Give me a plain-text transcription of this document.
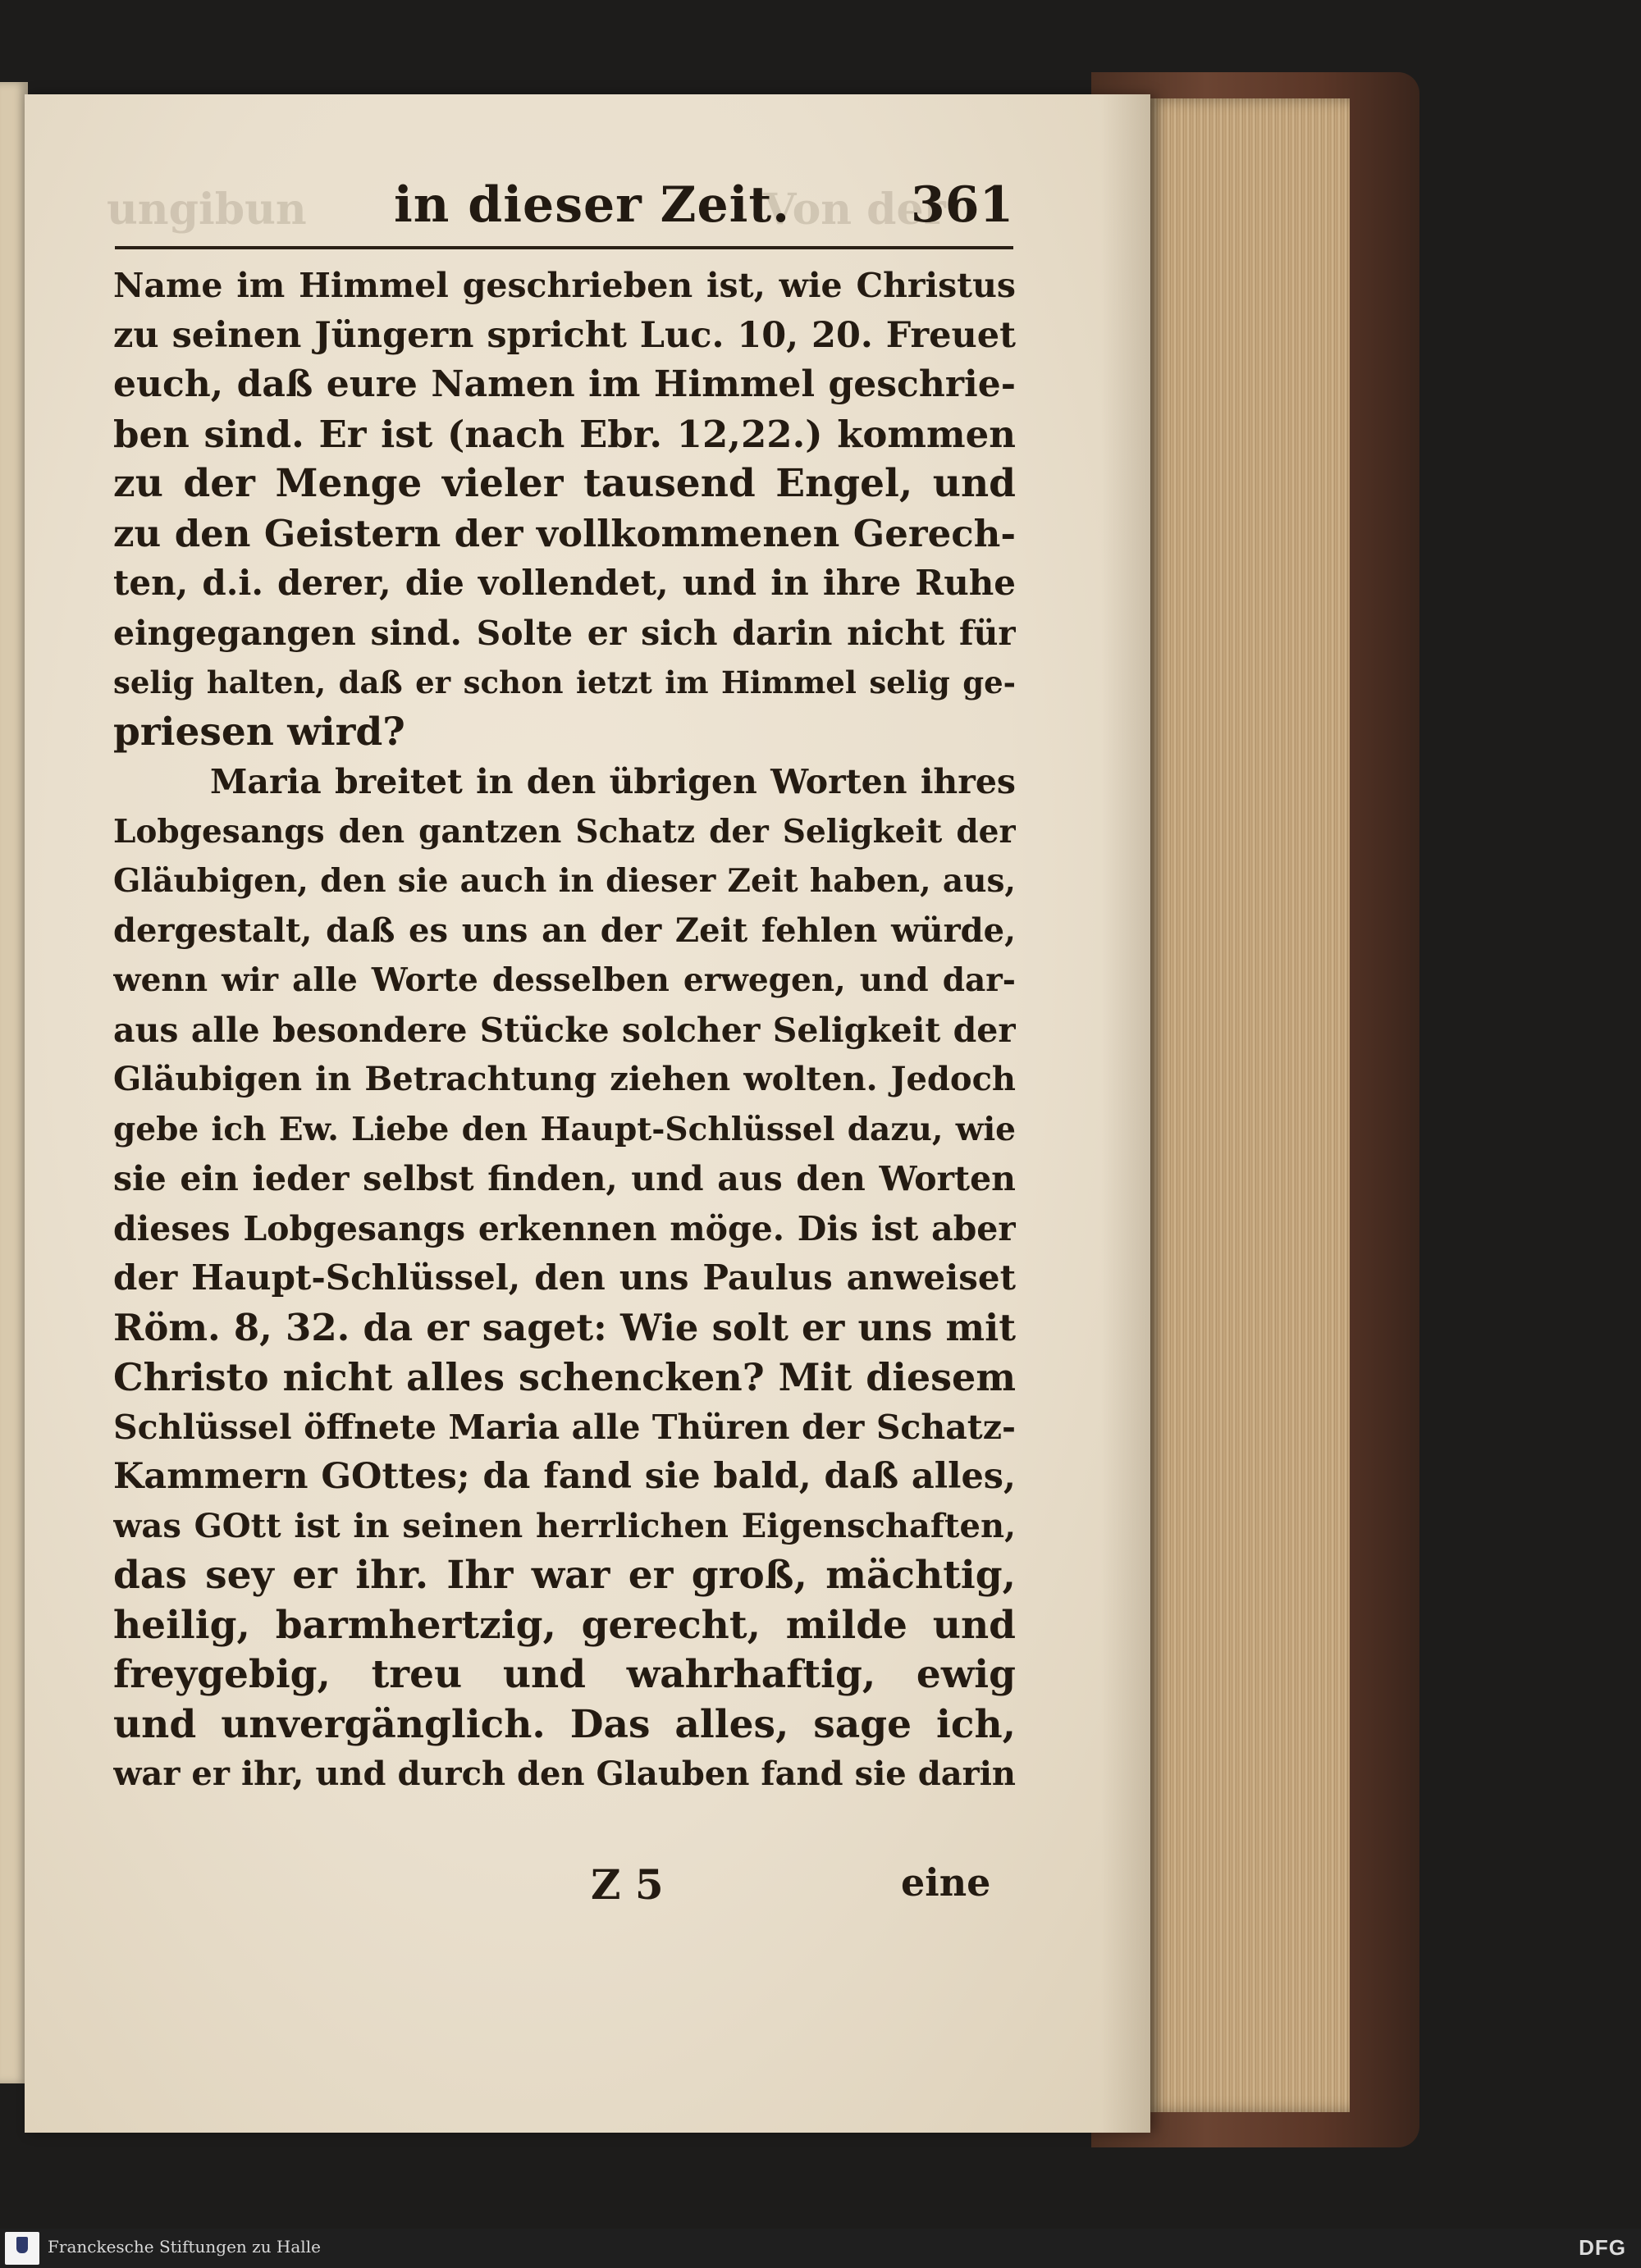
ungibun	Von der
in dieser Zeit. 361
Name im Himmel geschrieben ist, wie Christus
zu seinen Jüngern spricht Luc. 10, 20. Freuet
euch, daß eure Namen im Himmel geschrie-
ben sind. Er ist (nach Ebr. 12,22.) kommen
zu der Menge vieler tausend Engel, und
zu den Geistern der vollkommenen Gerech-
ten, d.i. derer, die vollendet, und in ihre Ruhe
eingegangen sind. Solte er sich darin nicht für
selig halten, daß er schon ietzt im Himmel selig ge-
priesen wird?
Maria breitet in den übrigen Worten ihres
Lobgesangs den gantzen Schatz der Seligkeit der
Gläubigen, den sie auch in dieser Zeit haben, aus,
dergestalt, daß es uns an der Zeit fehlen würde,
wenn wir alle Worte desselben erwegen, und dar-
aus alle besondere Stücke solcher Seligkeit der
Gläubigen in Betrachtung ziehen wolten. Jedoch
gebe ich Ew. Liebe den Haupt-Schlüssel dazu, wie
sie ein ieder selbst finden, und aus den Worten
dieses Lobgesangs erkennen möge. Dis ist aber
der Haupt-Schlüssel, den uns Paulus anweiset
Röm. 8, 32. da er saget: Wie solt er uns mit
Christo nicht alles schencken? Mit diesem
Schlüssel öffnete Maria alle Thüren der Schatz-
Kammern GOttes; da fand sie bald, daß alles,
was GOtt ist in seinen herrlichen Eigenschaften,
das sey er ihr. Ihr war er groß, mächtig,
heilig, barmhertzig, gerecht, milde und
freygebig, treu und wahrhaftig, ewig
und unvergänglich. Das alles, sage ich,
war er ihr, und durch den Glauben fand sie darin
Z 5	eine
Franckesche Stiftungen zu Halle	DFG
